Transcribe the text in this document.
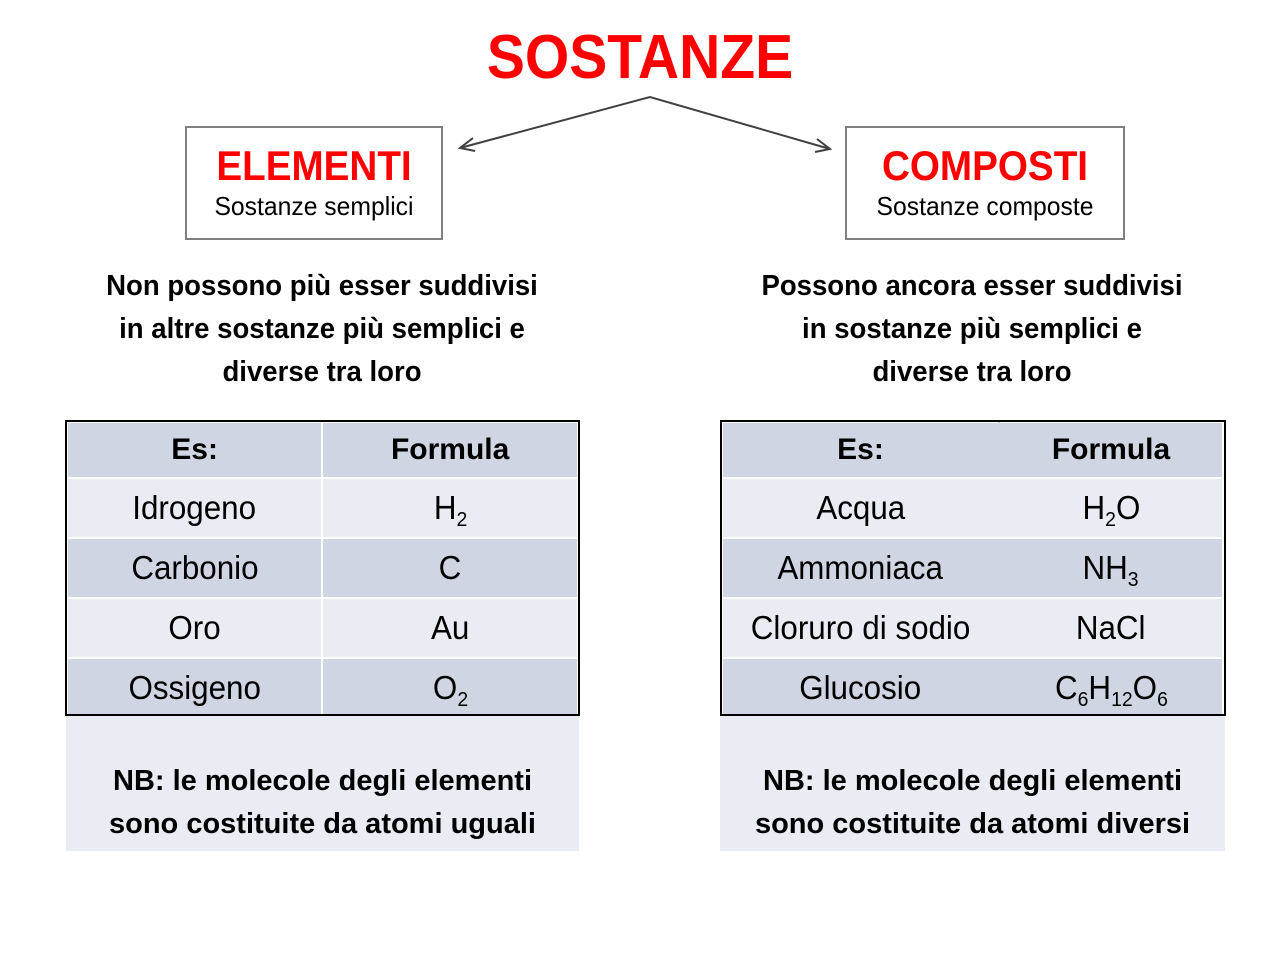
SOSTANZE
ELEMENTI
Sostanze semplici
COMPOSTI
Sostanze composte
Non possono più esser suddivisi
in altre sostanze più semplici e
diverse tra loro
Possono ancora esser suddivisi
in sostanze più semplici e
diverse tra loro
Es:	Formula
Idrogeno	$H_2$
Carbonio	C
Oro	Au
Ossigeno	$O_2$
Es:	Formula
Acqua	$H_2O$
Ammoniaca	$NH_3$
Cloruro di sodio	NaCl
Glucosio	$C_6H_{12}O_6$
NB: le molecole degli elementi
sono costituite da atomi uguali
NB: le molecole degli elementi
sono costituite da atomi diversi
